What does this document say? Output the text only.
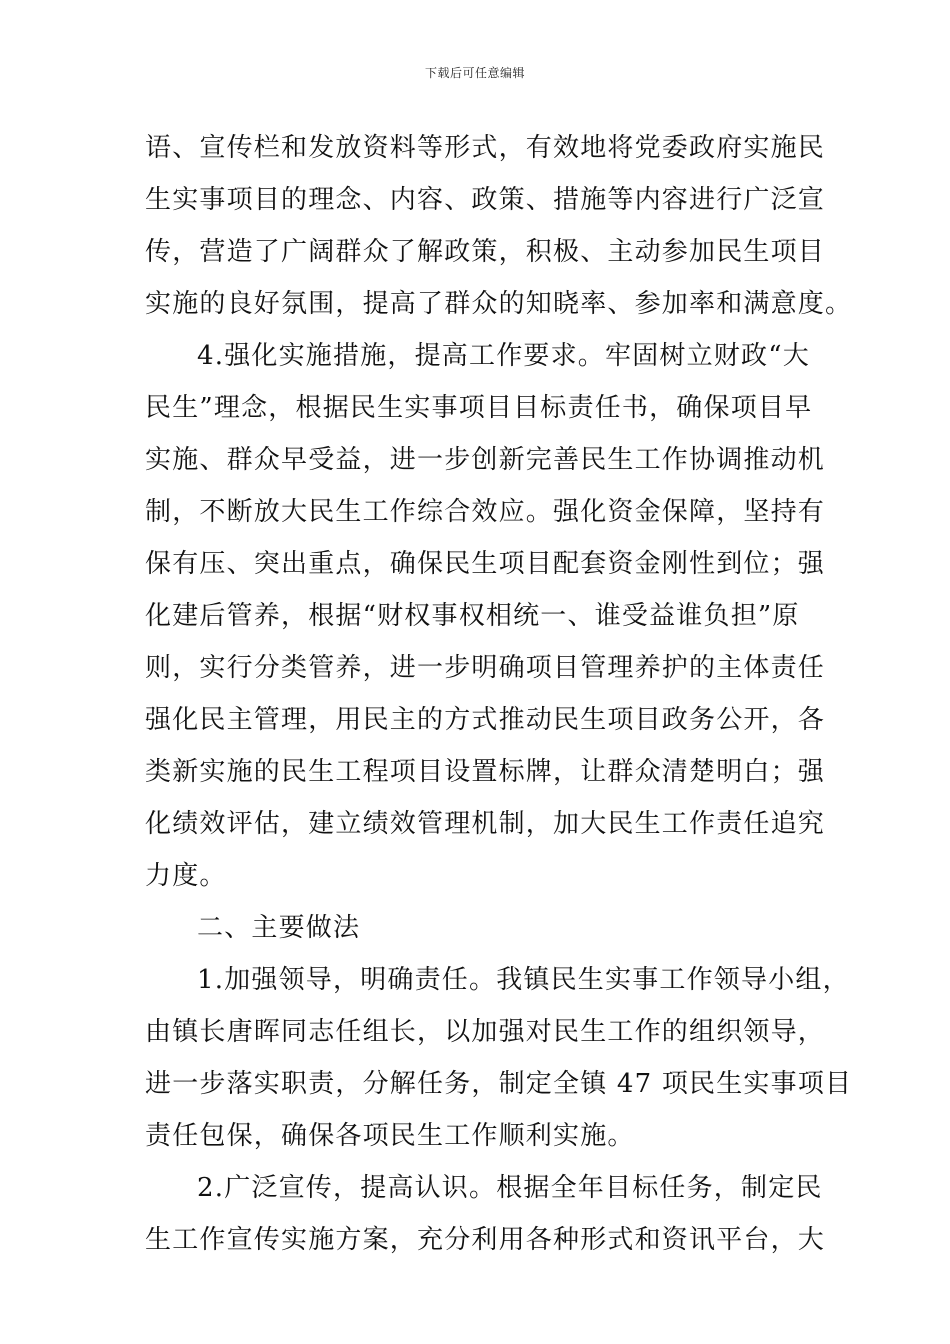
下载后可任意编辑
语、宣传栏和发放资料等形式，有效地将党委政府实施民
生实事项目的理念、内容、政策、措施等内容进行广泛宣
传，营造了广阔群众了解政策，积极、主动参加民生项目
实施的良好氛围，提高了群众的知晓率、参加率和满意度。
4.强化实施措施，提高工作要求。牢固树立财政“大
民生”理念，根据民生实事项目目标责任书，确保项目早
实施、群众早受益，进一步创新完善民生工作协调推动机
制，不断放大民生工作综合效应。强化资金保障，坚持有
保有压、突出重点，确保民生项目配套资金刚性到位；强
化建后管养，根据“财权事权相统一、谁受益谁负担”原
则，实行分类管养，进一步明确项目管理养护的主体责任
强化民主管理，用民主的方式推动民生项目政务公开，各
类新实施的民生工程项目设置标牌，让群众清楚明白；强
化绩效评估，建立绩效管理机制，加大民生工作责任追究
力度。
二、主要做法
1.加强领导，明确责任。我镇民生实事工作领导小组，
由镇长唐晖同志任组长，以加强对民生工作的组织领导，
进一步落实职责，分解任务，制定全镇 47 项民生实事项目
责任包保，确保各项民生工作顺利实施。
2.广泛宣传，提高认识。根据全年目标任务，制定民
生工作宣传实施方案，充分利用各种形式和资讯平台，大
